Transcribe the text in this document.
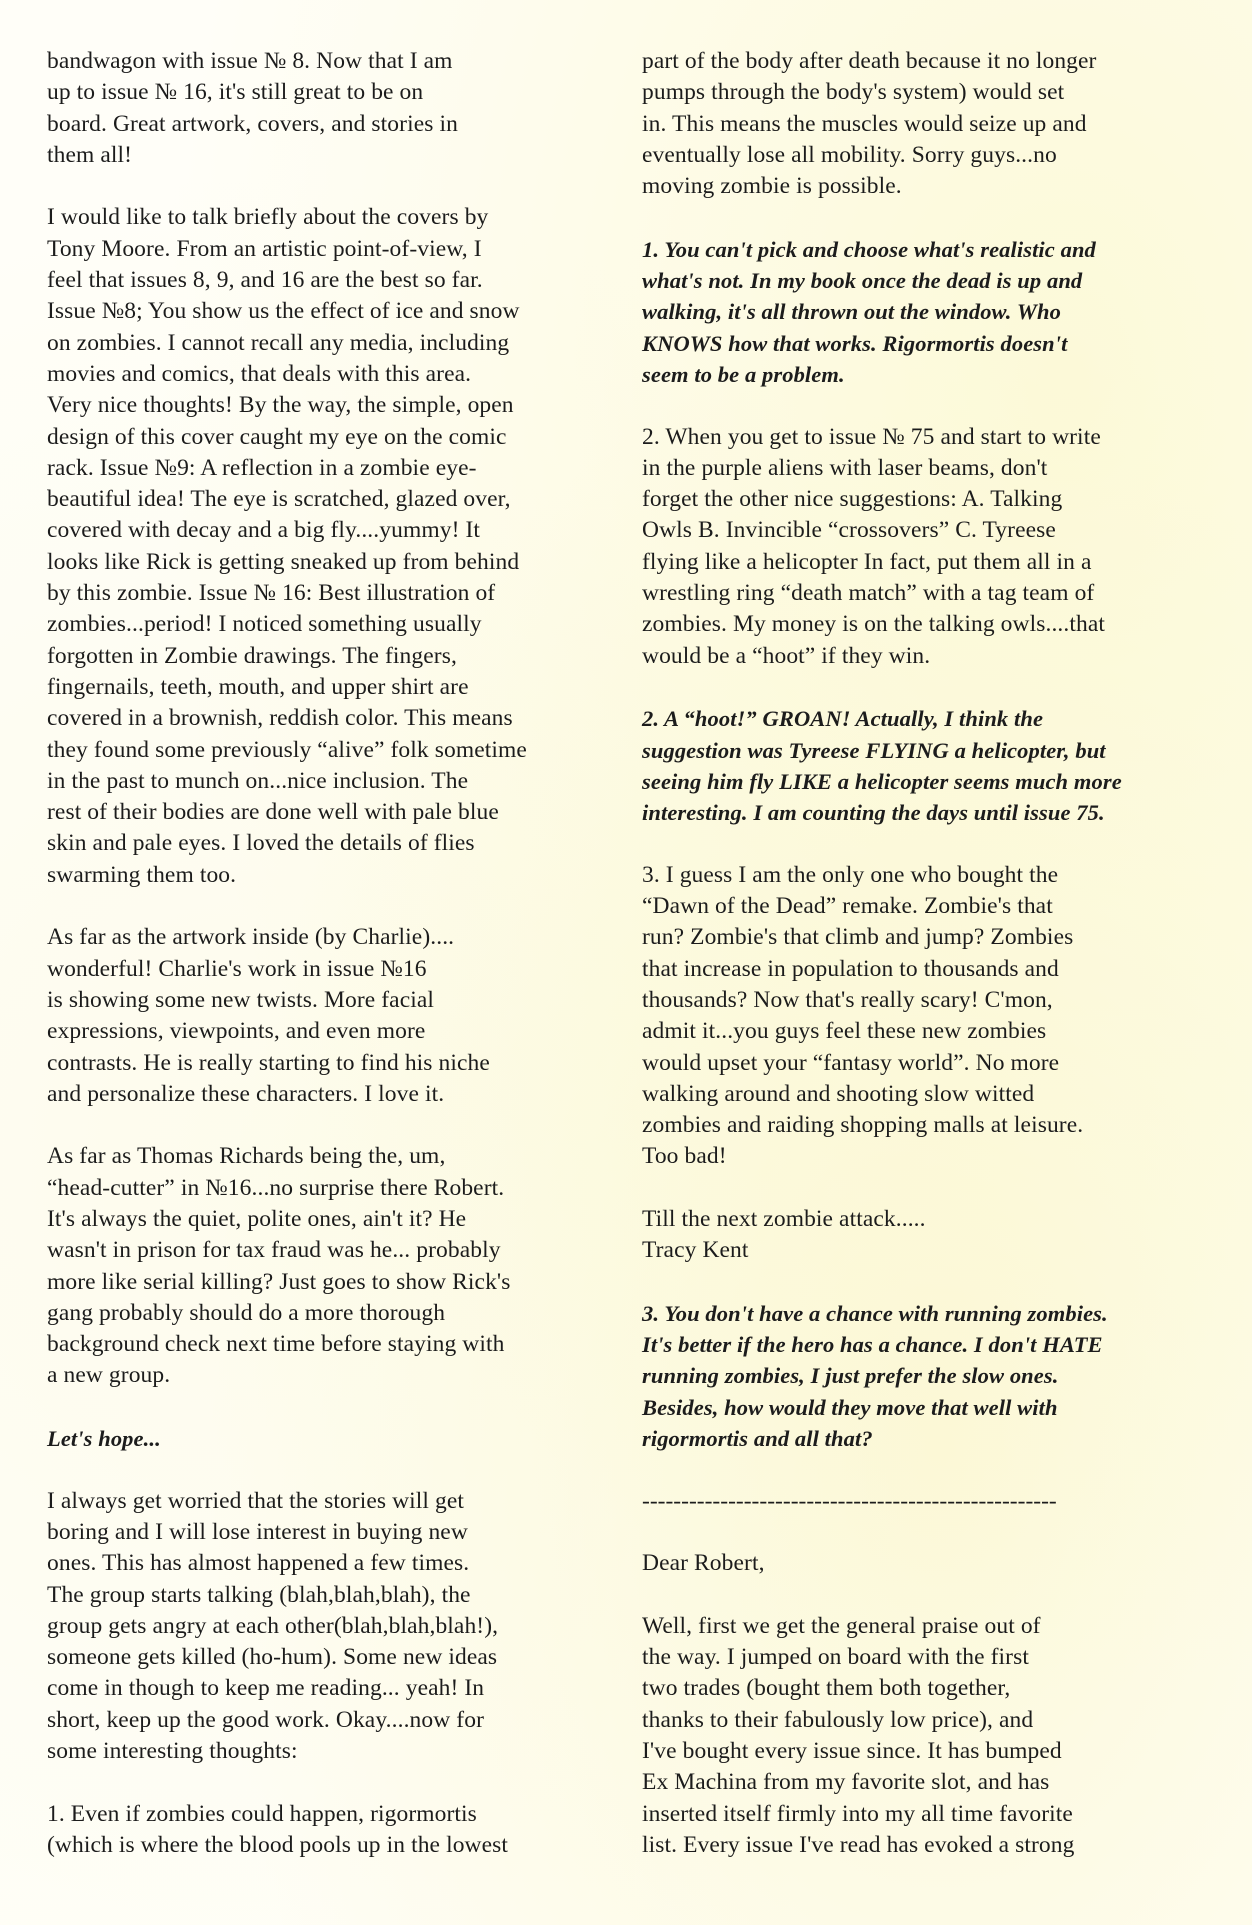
bandwagon with issue № 8. Now that I am
up to issue № 16, it's still great to be on
board. Great artwork, covers, and stories in
them all!
I would like to talk briefly about the covers by
Tony Moore. From an artistic point-of-view, I
feel that issues 8, 9, and 16 are the best so far.
Issue №8; You show us the effect of ice and snow
on zombies. I cannot recall any media, including
movies and comics, that deals with this area.
Very nice thoughts! By the way, the simple, open
design of this cover caught my eye on the comic
rack. Issue №9: A reflection in a zombie eye-
beautiful idea! The eye is scratched, glazed over,
covered with decay and a big fly....yummy! It
looks like Rick is getting sneaked up from behind
by this zombie. Issue № 16: Best illustration of
zombies...period! I noticed something usually
forgotten in Zombie drawings. The fingers,
fingernails, teeth, mouth, and upper shirt are
covered in a brownish, reddish color. This means
they found some previously “alive” folk sometime
in the past to munch on...nice inclusion. The
rest of their bodies are done well with pale blue
skin and pale eyes. I loved the details of flies
swarming them too.
As far as the artwork inside (by Charlie)....
wonderful! Charlie's work in issue №16
is showing some new twists. More facial
expressions, viewpoints, and even more
contrasts. He is really starting to find his niche
and personalize these characters. I love it.
As far as Thomas Richards being the, um,
“head-cutter” in №16...no surprise there Robert.
It's always the quiet, polite ones, ain't it? He
wasn't in prison for tax fraud was he... probably
more like serial killing? Just goes to show Rick's
gang probably should do a more thorough
background check next time before staying with
a new group.
Let's hope...
I always get worried that the stories will get
boring and I will lose interest in buying new
ones. This has almost happened a few times.
The group starts talking (blah,blah,blah), the
group gets angry at each other(blah,blah,blah!),
someone gets killed (ho-hum). Some new ideas
come in though to keep me reading... yeah! In
short, keep up the good work. Okay....now for
some interesting thoughts:
1. Even if zombies could happen, rigormortis
(which is where the blood pools up in the lowest
part of the body after death because it no longer
pumps through the body's system) would set
in. This means the muscles would seize up and
eventually lose all mobility. Sorry guys...no
moving zombie is possible.
1. You can't pick and choose what's realistic and
what's not. In my book once the dead is up and
walking, it's all thrown out the window. Who
KNOWS how that works. Rigormortis doesn't
seem to be a problem.
2. When you get to issue № 75 and start to write
in the purple aliens with laser beams, don't
forget the other nice suggestions: A. Talking
Owls B. Invincible “crossovers” C. Tyreese
flying like a helicopter In fact, put them all in a
wrestling ring “death match” with a tag team of
zombies. My money is on the talking owls....that
would be a “hoot” if they win.
2. A “hoot!” GROAN! Actually, I think the
suggestion was Tyreese FLYING a helicopter, but
seeing him fly LIKE a helicopter seems much more
interesting. I am counting the days until issue 75.
3. I guess I am the only one who bought the
“Dawn of the Dead” remake. Zombie's that
run? Zombie's that climb and jump? Zombies
that increase in population to thousands and
thousands? Now that's really scary! C'mon,
admit it...you guys feel these new zombies
would upset your “fantasy world”. No more
walking around and shooting slow witted
zombies and raiding shopping malls at leisure.
Too bad!
Till the next zombie attack.....
Tracy Kent
3. You don't have a chance with running zombies.
It's better if the hero has a chance. I don't HATE
running zombies, I just prefer the slow ones.
Besides, how would they move that well with
rigormortis and all that?
-----------------------------------------------------
Dear Robert,
Well, first we get the general praise out of
the way. I jumped on board with the first
two trades (bought them both together,
thanks to their fabulously low price), and
I've bought every issue since. It has bumped
Ex Machina from my favorite slot, and has
inserted itself firmly into my all time favorite
list. Every issue I've read has evoked a strong
